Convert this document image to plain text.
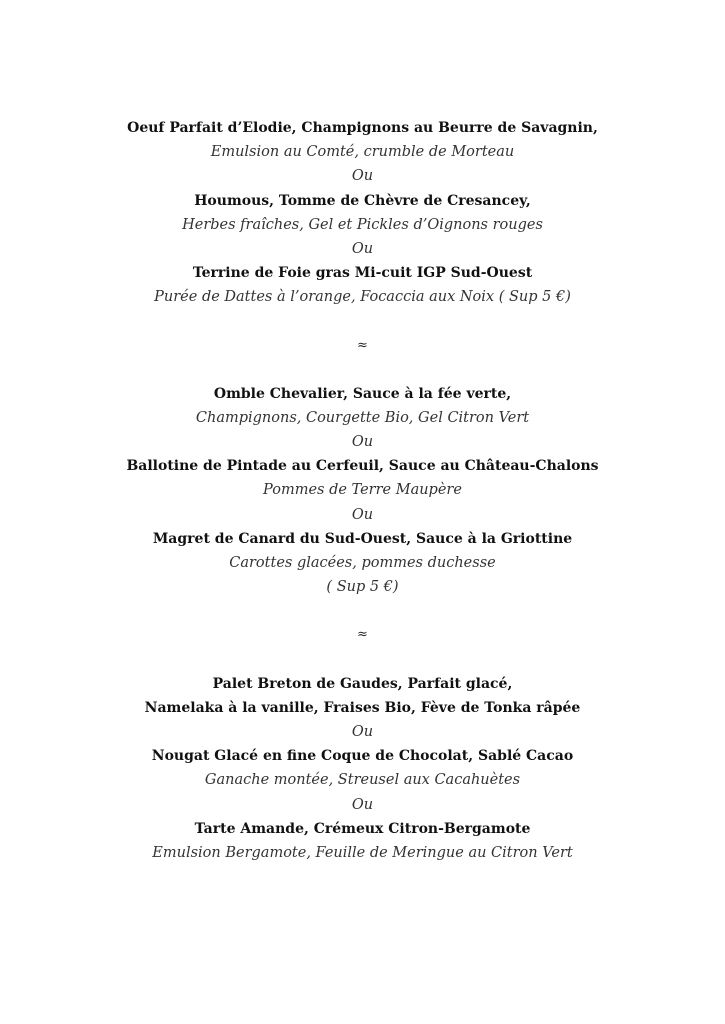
Oeuf Parfait d’Elodie, Champignons au Beurre de Savagnin,
Emulsion au Comté, crumble de Morteau
Ou
Houmous, Tomme de Chèvre de Cresancey,
Herbes fraîches, Gel et Pickles d’Oignons rouges
Ou
Terrine de Foie gras Mi-cuit IGP Sud-Ouest
Purée de Dattes à l’orange, Focaccia aux Noix ( Sup 5 €)
≈
Omble Chevalier, Sauce à la fée verte,
Champignons, Courgette Bio, Gel Citron Vert
Ou
Ballotine de Pintade au Cerfeuil, Sauce au Château-Chalons
Pommes de Terre Maupère
Ou
Magret de Canard du Sud-Ouest, Sauce à la Griottine
Carottes glacées, pommes duchesse
( Sup 5 €)
≈
Palet Breton de Gaudes, Parfait glacé,
Namelaka à la vanille, Fraises Bio, Fève de Tonka râpée
Ou
Nougat Glacé en fine Coque de Chocolat, Sablé Cacao
Ganache montée, Streusel aux Cacahuètes
Ou
Tarte Amande, Crémeux Citron-Bergamote
Emulsion Bergamote, Feuille de Meringue au Citron Vert
